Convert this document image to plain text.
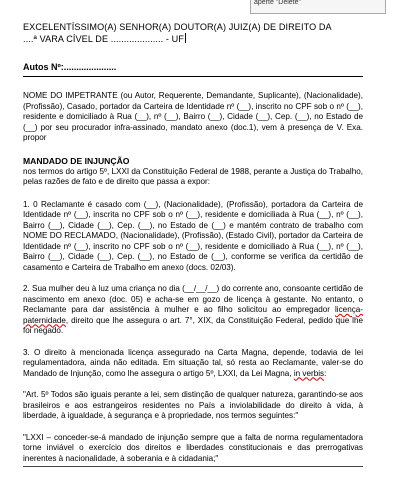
aperte "Delete"
EXCELENTÍSSIMO(A) SENHOR(A) DOUTOR(A) JUIZ(A) DE DIREITO DA
....ª VARA CÍVEL DE .................... - UF
Autos Nº:.....................

NOME DO IMPETRANTE (ou Autor, Requerente, Demandante, Suplicante), (Nacionalidade), (Profissão), Casado, portador da Carteira de Identidade nº (__), inscrito no CPF sob o nº (__), residente e domiciliado à Rua (__), nº (__), Bairro (__), Cidade (__), Cep. (__), no Estado de (__) por seu procurador infra-assinado, mandato anexo (doc.1), vem à presença de V. Exa. propor

MANDADO DE INJUNÇÃO

nos termos do artigo 5º, LXXI da Constituição Federal de 1988, perante a Justiça do Trabalho, pelas razões de fato e de direito que passa a expor:

1. 0 Reclamante é casado com (__), (Nacionalidade), (Profissão), portadora da Carteira de Identidade nº (__), inscrita no CPF sob o nº (__), residente e domiciliada à Rua (__), nº (__), Bairro (__), Cidade (__), Cep. (__), no Estado de (__) e mantém contrato de trabalho com NOME DO RECLAMADO, (Nacionalidade), (Profissão), (Estado Civil), portador da Carteira de Identidade nº (__), inscrito no CPF sob o nº (__), residente e domiciliado à Rua (__), nº (__), Bairro (__), Cidade (__), Cep. (__), no Estado de (__), conforme se verifica da certidão de casamento e Carteira de Trabalho em anexo (docs. 02/03).

2. Sua mulher deu à luz uma criança no dia (__/__/__) do corrente ano, consoante certidão de nascimento em anexo (doc. 05) e acha-se em gozo de licença à gestante. No entanto, o Reclamante para dar assistência à mulher e ao filho solicitou ao empregador licença-paternidade, direito que lhe assegura o art. 7°, XIX, da Constituição Federal, pedido que lhe foi negado.

3. O direito à mencionada licença assegurado na Carta Magna, depende, todavia de lei regulamentadora, ainda não editada. Em situação tal, só resta ao Reclamante, valer-se do Mandado de Injunção, como lhe assegura o artigo 5º, LXXI, da Lei Magna, in verbis:

"Art. 5º Todos são iguais perante a lei, sem distinção de qualquer natureza, garantindo-se aos brasileiros e aos estrangeiros residentes no País a inviolabilidade do direito à vida, à liberdade, à igualdade, à segurança e à propriedade, nos termos seguintes:"

"LXXI – conceder-se-á mandado de injunção sempre que a falta de norma regulamentadora torne inviável o exercício dos direitos e liberdades constitucionais e das prerrogativas inerentes à nacionalidade, à soberania e à cidadania;"
